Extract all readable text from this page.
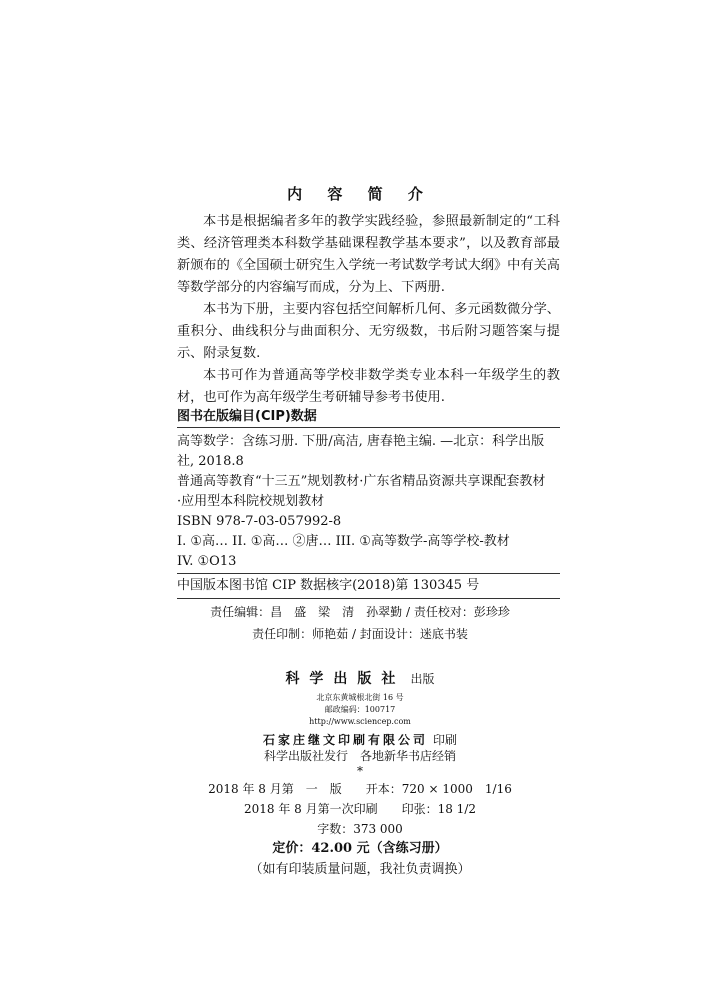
内 容 简 介

本书是根据编者多年的教学实践经验，参照最新制定的“工科类、经济管理类本科数学基础课程教学基本要求”，以及教育部最新颁布的《全国硕士研究生入学统一考试数学考试大纲》中有关高等数学部分的内容编写而成，分为上、下两册.

本书为下册，主要内容包括空间解析几何、多元函数微分学、重积分、曲线积分与曲面积分、无穷级数，书后附习题答案与提示、附录复数.

本书可作为普通高等学校非数学类专业本科一年级学生的教材，也可作为高年级学生考研辅导参考书使用.

图书在版编目(CIP)数据
高等数学：含练习册. 下册/高洁, 唐春艳主编. —北京：科学出版
社, 2018.8
普通高等教育“十三五”规划教材·广东省精品资源共享课配套教材
·应用型本科院校规划教材
ISBN 978-7-03-057992-8
I. ①高… II. ①高… ②唐… III. ①高等数学-高等学校-教材
IV. ①O13
中国版本图书馆 CIP 数据核字(2018)第 130345 号
责任编辑：昌　盛　梁　清　孙翠勤 / 责任校对：彭珍珍
责任印制：师艳茹 / 封面设计：迷底书装
科学出版社 出版
北京东黄城根北街 16 号
邮政编码：100717
http://www.sciencep.com
石家庄继文印刷有限公司 印刷
科学出版社发行　各地新华书店经销
*
2018 年 8 月第　一　版　　开本：720 × 1000　1/16
2018 年 8 月第一次印刷　　印张：18 1/2
字数：373 000
定价：42.00 元（含练习册）
（如有印装质量问题，我社负责调换）
